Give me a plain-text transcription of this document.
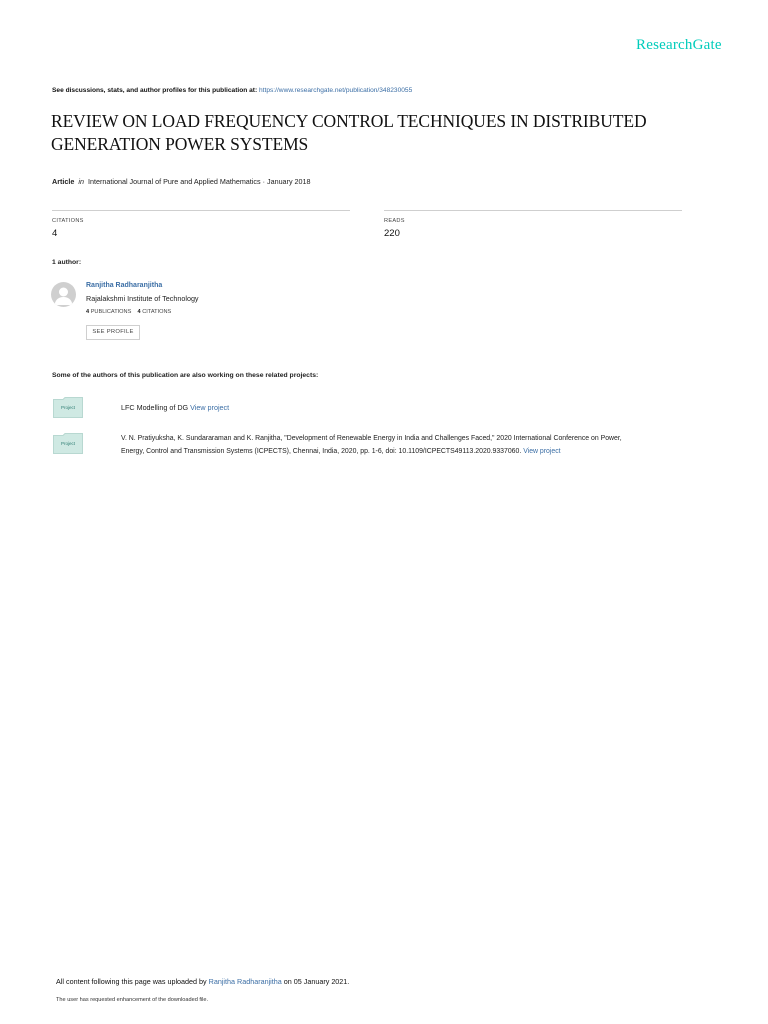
ResearchGate
See discussions, stats, and author profiles for this publication at: https://www.researchgate.net/publication/348230055
REVIEW ON LOAD FREQUENCY CONTROL TECHNIQUES IN DISTRIBUTED
GENERATION POWER SYSTEMS
Article in International Journal of Pure and Applied Mathematics · January 2018
CITATIONS
4
READS
220
1 author:
Ranjitha Radharanjitha
Rajalakshmi Institute of Technology
4 PUBLICATIONS 4 CITATIONS
SEE PROFILE
Some of the authors of this publication are also working on these related projects:
Project	LFC Modelling of DG View project
Project
V. N. Pratiyuksha, K. Sundararaman and K. Ranjitha, "Development of Renewable Energy in India and Challenges Faced," 2020 International Conference on Power,
Energy, Control and Transmission Systems (ICPECTS), Chennai, India, 2020, pp. 1-6, doi: 10.1109/ICPECTS49113.2020.9337060. View project
All content following this page was uploaded by Ranjitha Radharanjitha on 05 January 2021.
The user has requested enhancement of the downloaded file.
